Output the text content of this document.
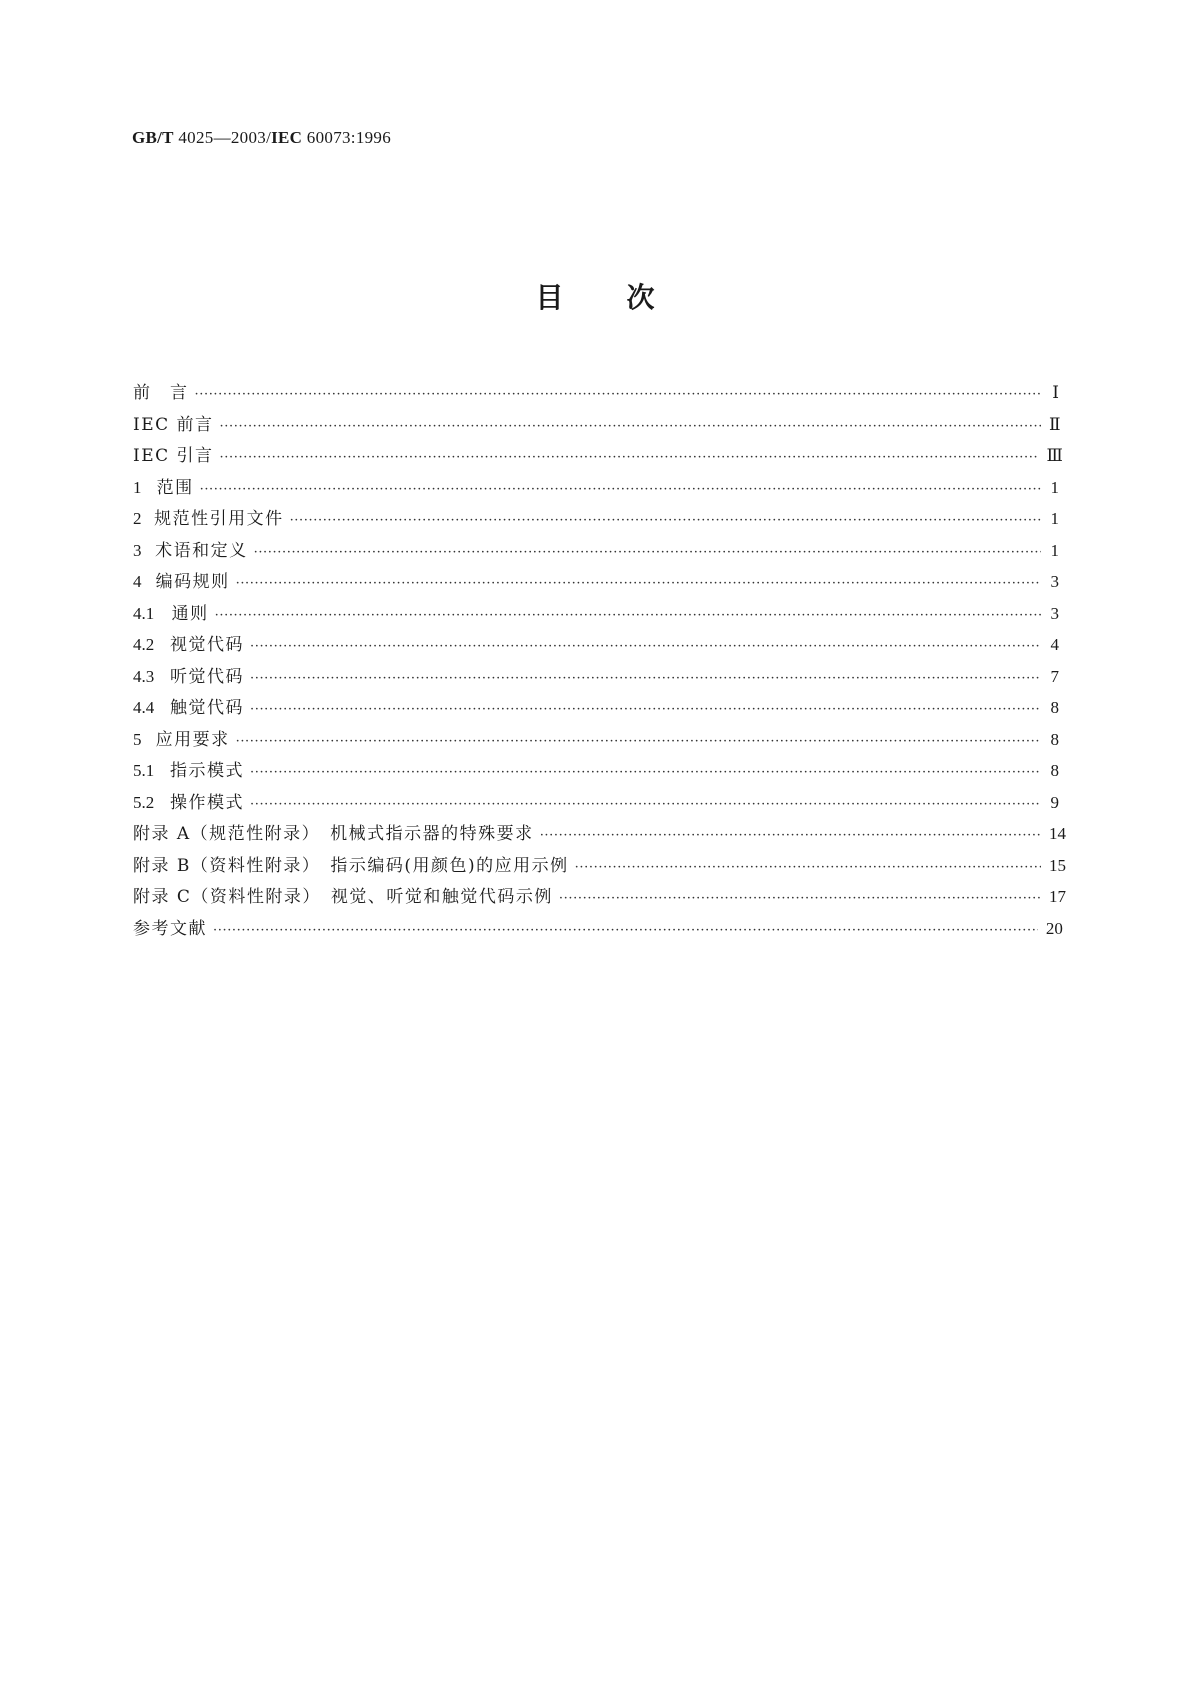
GB/T 4025—2003/IEC 60073:1996
目 次
前　言 ·····	Ⅰ
IEC 前言 ·····	Ⅱ
IEC 引言 ·····	Ⅲ
1 范围 ·····	1
2 规范性引用文件 ·····	1
3 术语和定义 ·····	1
4 编码规则 ·····	3
4.1	通则 ·····	3
4.2 视觉代码 ·····	4
4.3 听觉代码 ·····	7
4.4 触觉代码 ·····	8
5 应用要求 ·····	8
5.1 指示模式 ·····	8
5.2 操作模式 ·····	9
附录 A（规范性附录）　机械式指示器的特殊要求 ·····	14
附录 B（资料性附录）　指示编码(用颜色)的应用示例 ·····	15
附录 C（资料性附录）　视觉、听觉和触觉代码示例 ·····	17
参考文献 ·····	20
